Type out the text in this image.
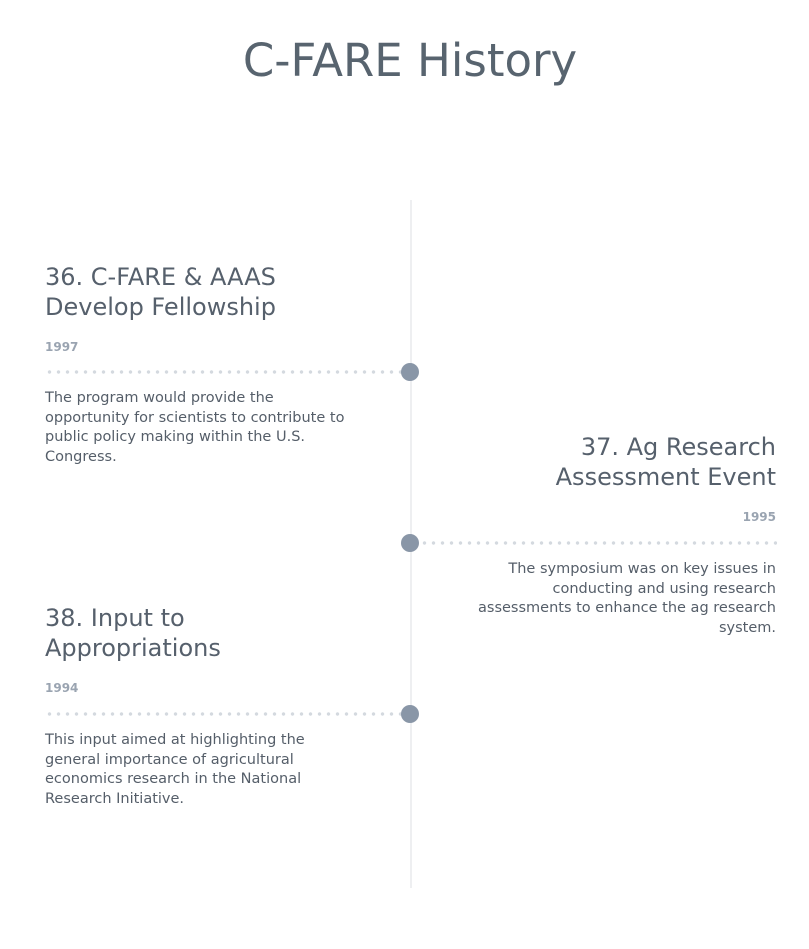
C-FARE History

36. C-FARE & AAAS
Develop Fellowship

1997

The program would provide the opportunity for scientists to contribute to public policy making within the U.S. Congress.	37. Ag Research
Assessment Event

1995

The symposium was on key issues in conducting and using research assessments to enhance the ag research system.

38. Input to
Appropriations

1994

This input aimed at highlighting the general importance of agricultural economics research in the National Research Initiative.
